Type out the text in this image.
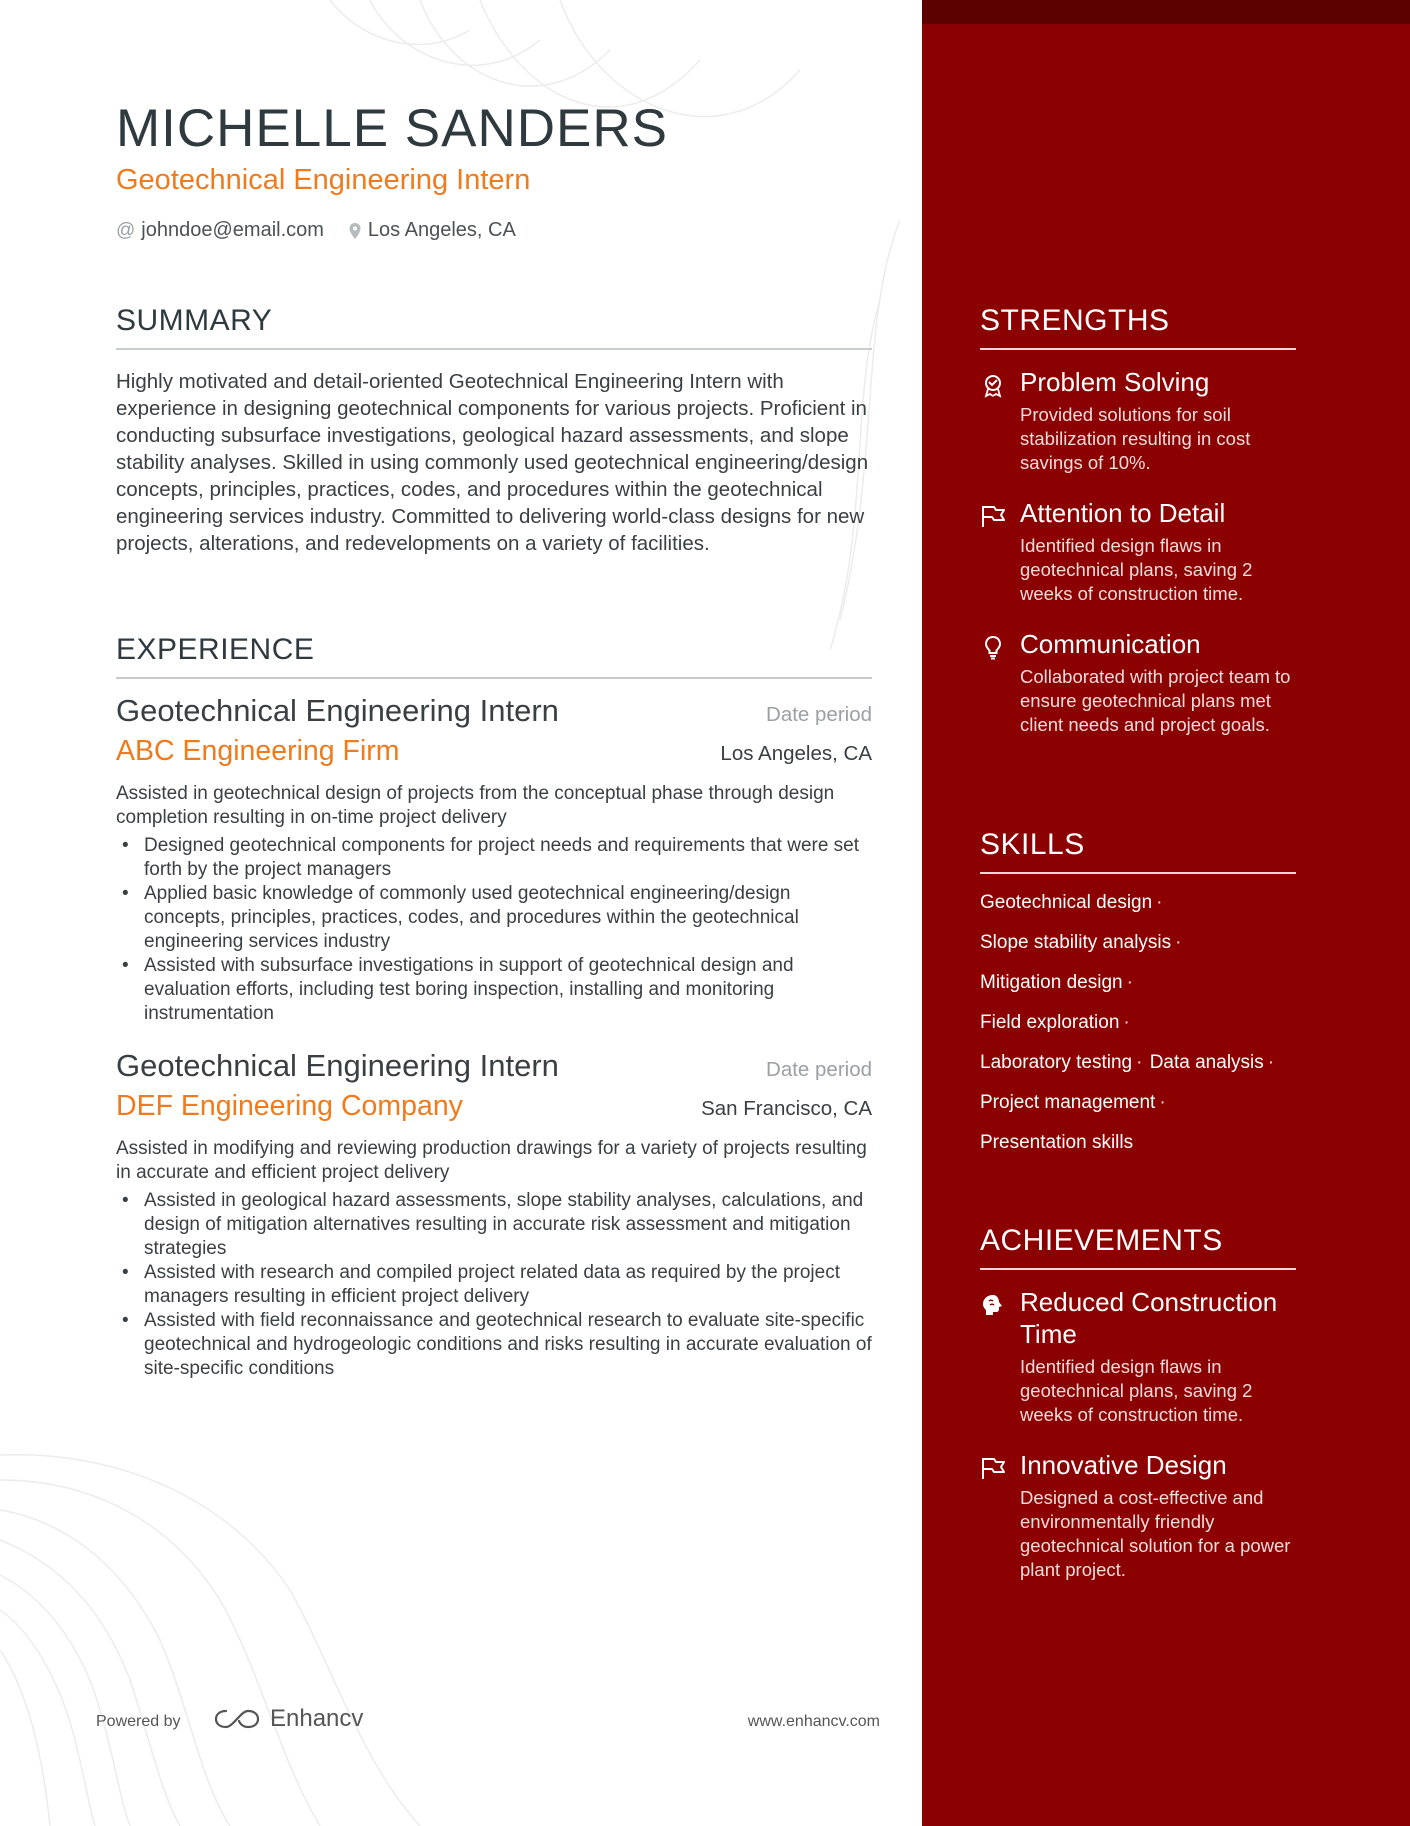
MICHELLE SANDERS
Geotechnical Engineering Intern
@ johndoe@email.com Los Angeles, CA
SUMMARY

Highly motivated and detail-oriented Geotechnical Engineering Intern with experience in designing geotechnical components for various projects. Proficient in conducting subsurface investigations, geological hazard assessments, and slope stability analyses. Skilled in using commonly used geotechnical engineering/design concepts, principles, practices, codes, and procedures within the geotechnical engineering services industry. Committed to delivering world-class designs for new projects, alterations, and redevelopments on a variety of facilities.

EXPERIENCE
Geotechnical Engineering Intern	Date period
ABC Engineering Firm	Los Angeles, CA
Assisted in geotechnical design of projects from the conceptual phase through design completion resulting in on-time project delivery
• Designed geotechnical components for project needs and requirements that were set forth by the project managers
• Applied basic knowledge of commonly used geotechnical engineering/design concepts, principles, practices, codes, and procedures within the geotechnical engineering services industry
• Assisted with subsurface investigations in support of geotechnical design and evaluation efforts, including test boring inspection, installing and monitoring instrumentation
Geotechnical Engineering Intern	Date period
DEF Engineering Company	San Francisco, CA
Assisted in modifying and reviewing production drawings for a variety of projects resulting in accurate and efficient project delivery
• Assisted in geological hazard assessments, slope stability analyses, calculations, and design of mitigation alternatives resulting in accurate risk assessment and mitigation strategies
• Assisted with research and compiled project related data as required by the project managers resulting in efficient project delivery
• Assisted with field reconnaissance and geotechnical research to evaluate site-specific geotechnical and hydrogeologic conditions and risks resulting in accurate evaluation of site-specific conditions
Powered by	Enhancv	www.enhancv.com
STRENGTHS
Problem Solving
Provided solutions for soil stabilization resulting in cost savings of 10%.
Attention to Detail
Identified design flaws in geotechnical plans, saving 2 weeks of construction time.
Communication
Collaborated with project team to ensure geotechnical plans met client needs and project goals.
SKILLS
Geotechnical design ·
Slope stability analysis ·
Mitigation design ·
Field exploration ·
Laboratory testing · Data analysis ·
Project management ·
Presentation skills
ACHIEVEMENTS
Reduced Construction Time
Identified design flaws in geotechnical plans, saving 2 weeks of construction time.
Innovative Design
Designed a cost-effective and environmentally friendly geotechnical solution for a power plant project.
